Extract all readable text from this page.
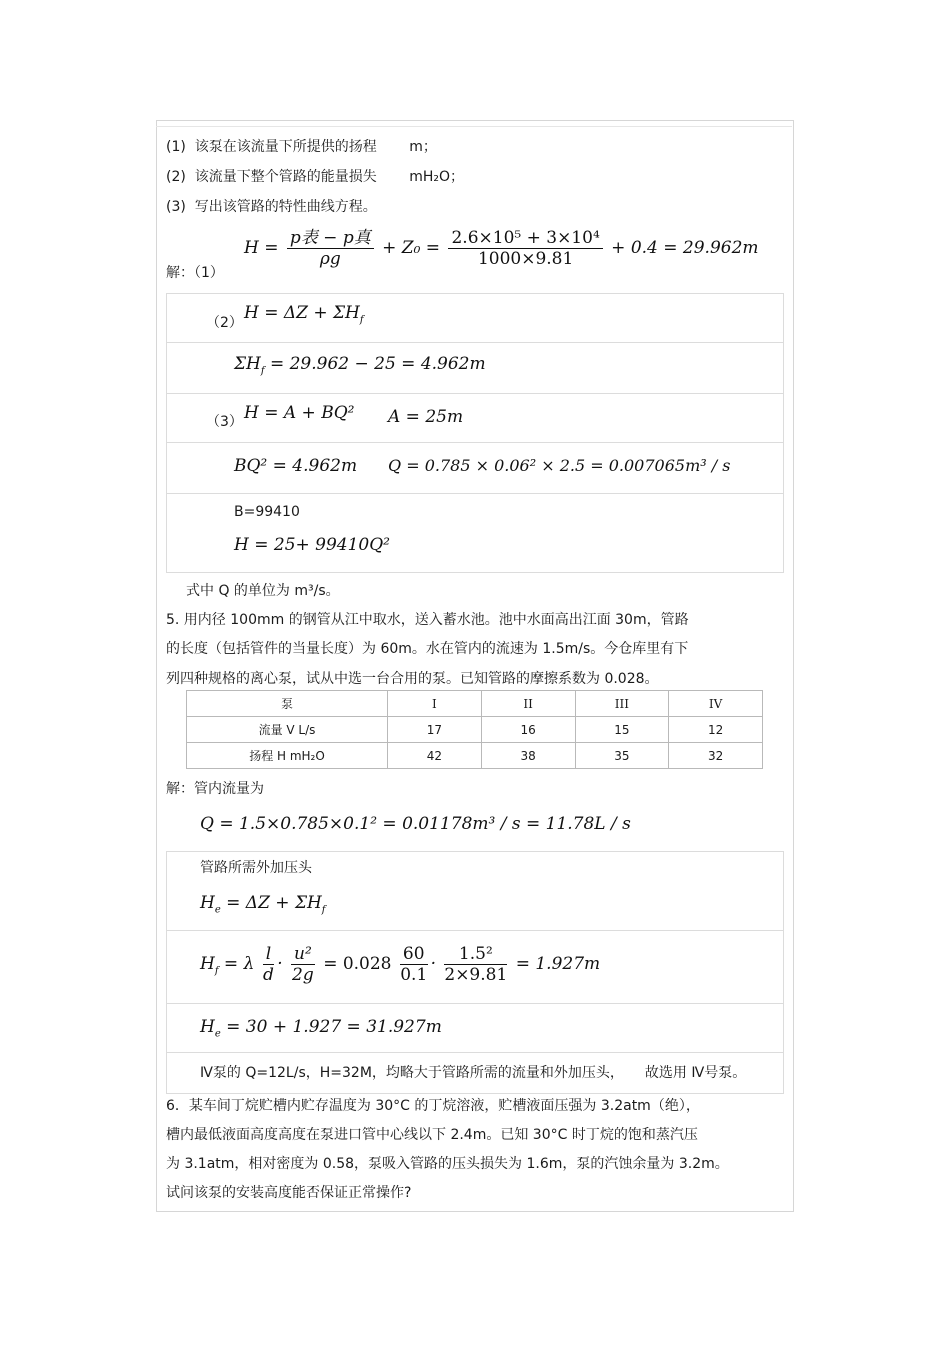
(1) 该泵在该流量下所提供的扬程 m；
(2) 该流量下整个管路的能量损失 mH₂O；
(3) 写出该管路的特性曲线方程。
解：（1）
$H = \frac{\text{p表 − p真}}{\rho g} + Z_0 = \frac{\text{2.6×10⁵ + 3×10⁴}}{1000\times 9.81} + 0.4 = 29.962m$
（2） $H = \Delta Z + \Sigma H_f$
$\Sigma H_f = 29.962 - 25 = 4.962m$
（3） H = A + BQ² A = 25m
BQ² = 4.962m Q = 0.785 × 0.06² × 2.5 = 0.007065m³ / s
B=99410
H = 25+ 99410Q²
式中 Q 的单位为 m³/s。
5. 用内径 100mm 的钢管从江中取水，送入蓄水池。池中水面高出江面 30m，管路
的长度（包括管件的当量长度）为 60m。水在管内的流速为 1.5m/s。今仓库里有下
列四种规格的离心泵，试从中选一台合用的泵。已知管路的摩擦系数为 0.028。
泵	I	II	III	IV
流量 V L/s	17	16	15	12
扬程 H mH₂O	42	38	35	32
解：管内流量为
Q = 1.5×0.785×0.1² = 0.01178m³ / s = 11.78L / s
管路所需外加压头
$H_e = \Delta Z + \Sigma H_f$
$H_f = \lambda \frac{l}{d} \cdot \frac{\text{u²}}{2g} = 0.028 \frac{60}{0.1} \cdot \frac{\text{1.5²}}{2\times 9.81} = 1.927m$
$H_e = 30 + 1.927 = 31.927m$
Ⅳ泵的 Q=12L/s，H=32M，均略大于管路所需的流量和外加压头，　　故选用 Ⅳ号泵。
6．某车间丁烷贮槽内贮存温度为 30°C 的丁烷溶液，贮槽液面压强为 3.2atm（绝），
槽内最低液面高度高度在泵进口管中心线以下 2.4m。已知 30°C 时丁烷的饱和蒸汽压
为 3.1atm，相对密度为 0.58，泵吸入管路的压头损失为 1.6m，泵的汽蚀余量为 3.2m。
试问该泵的安装高度能否保证正常操作?
